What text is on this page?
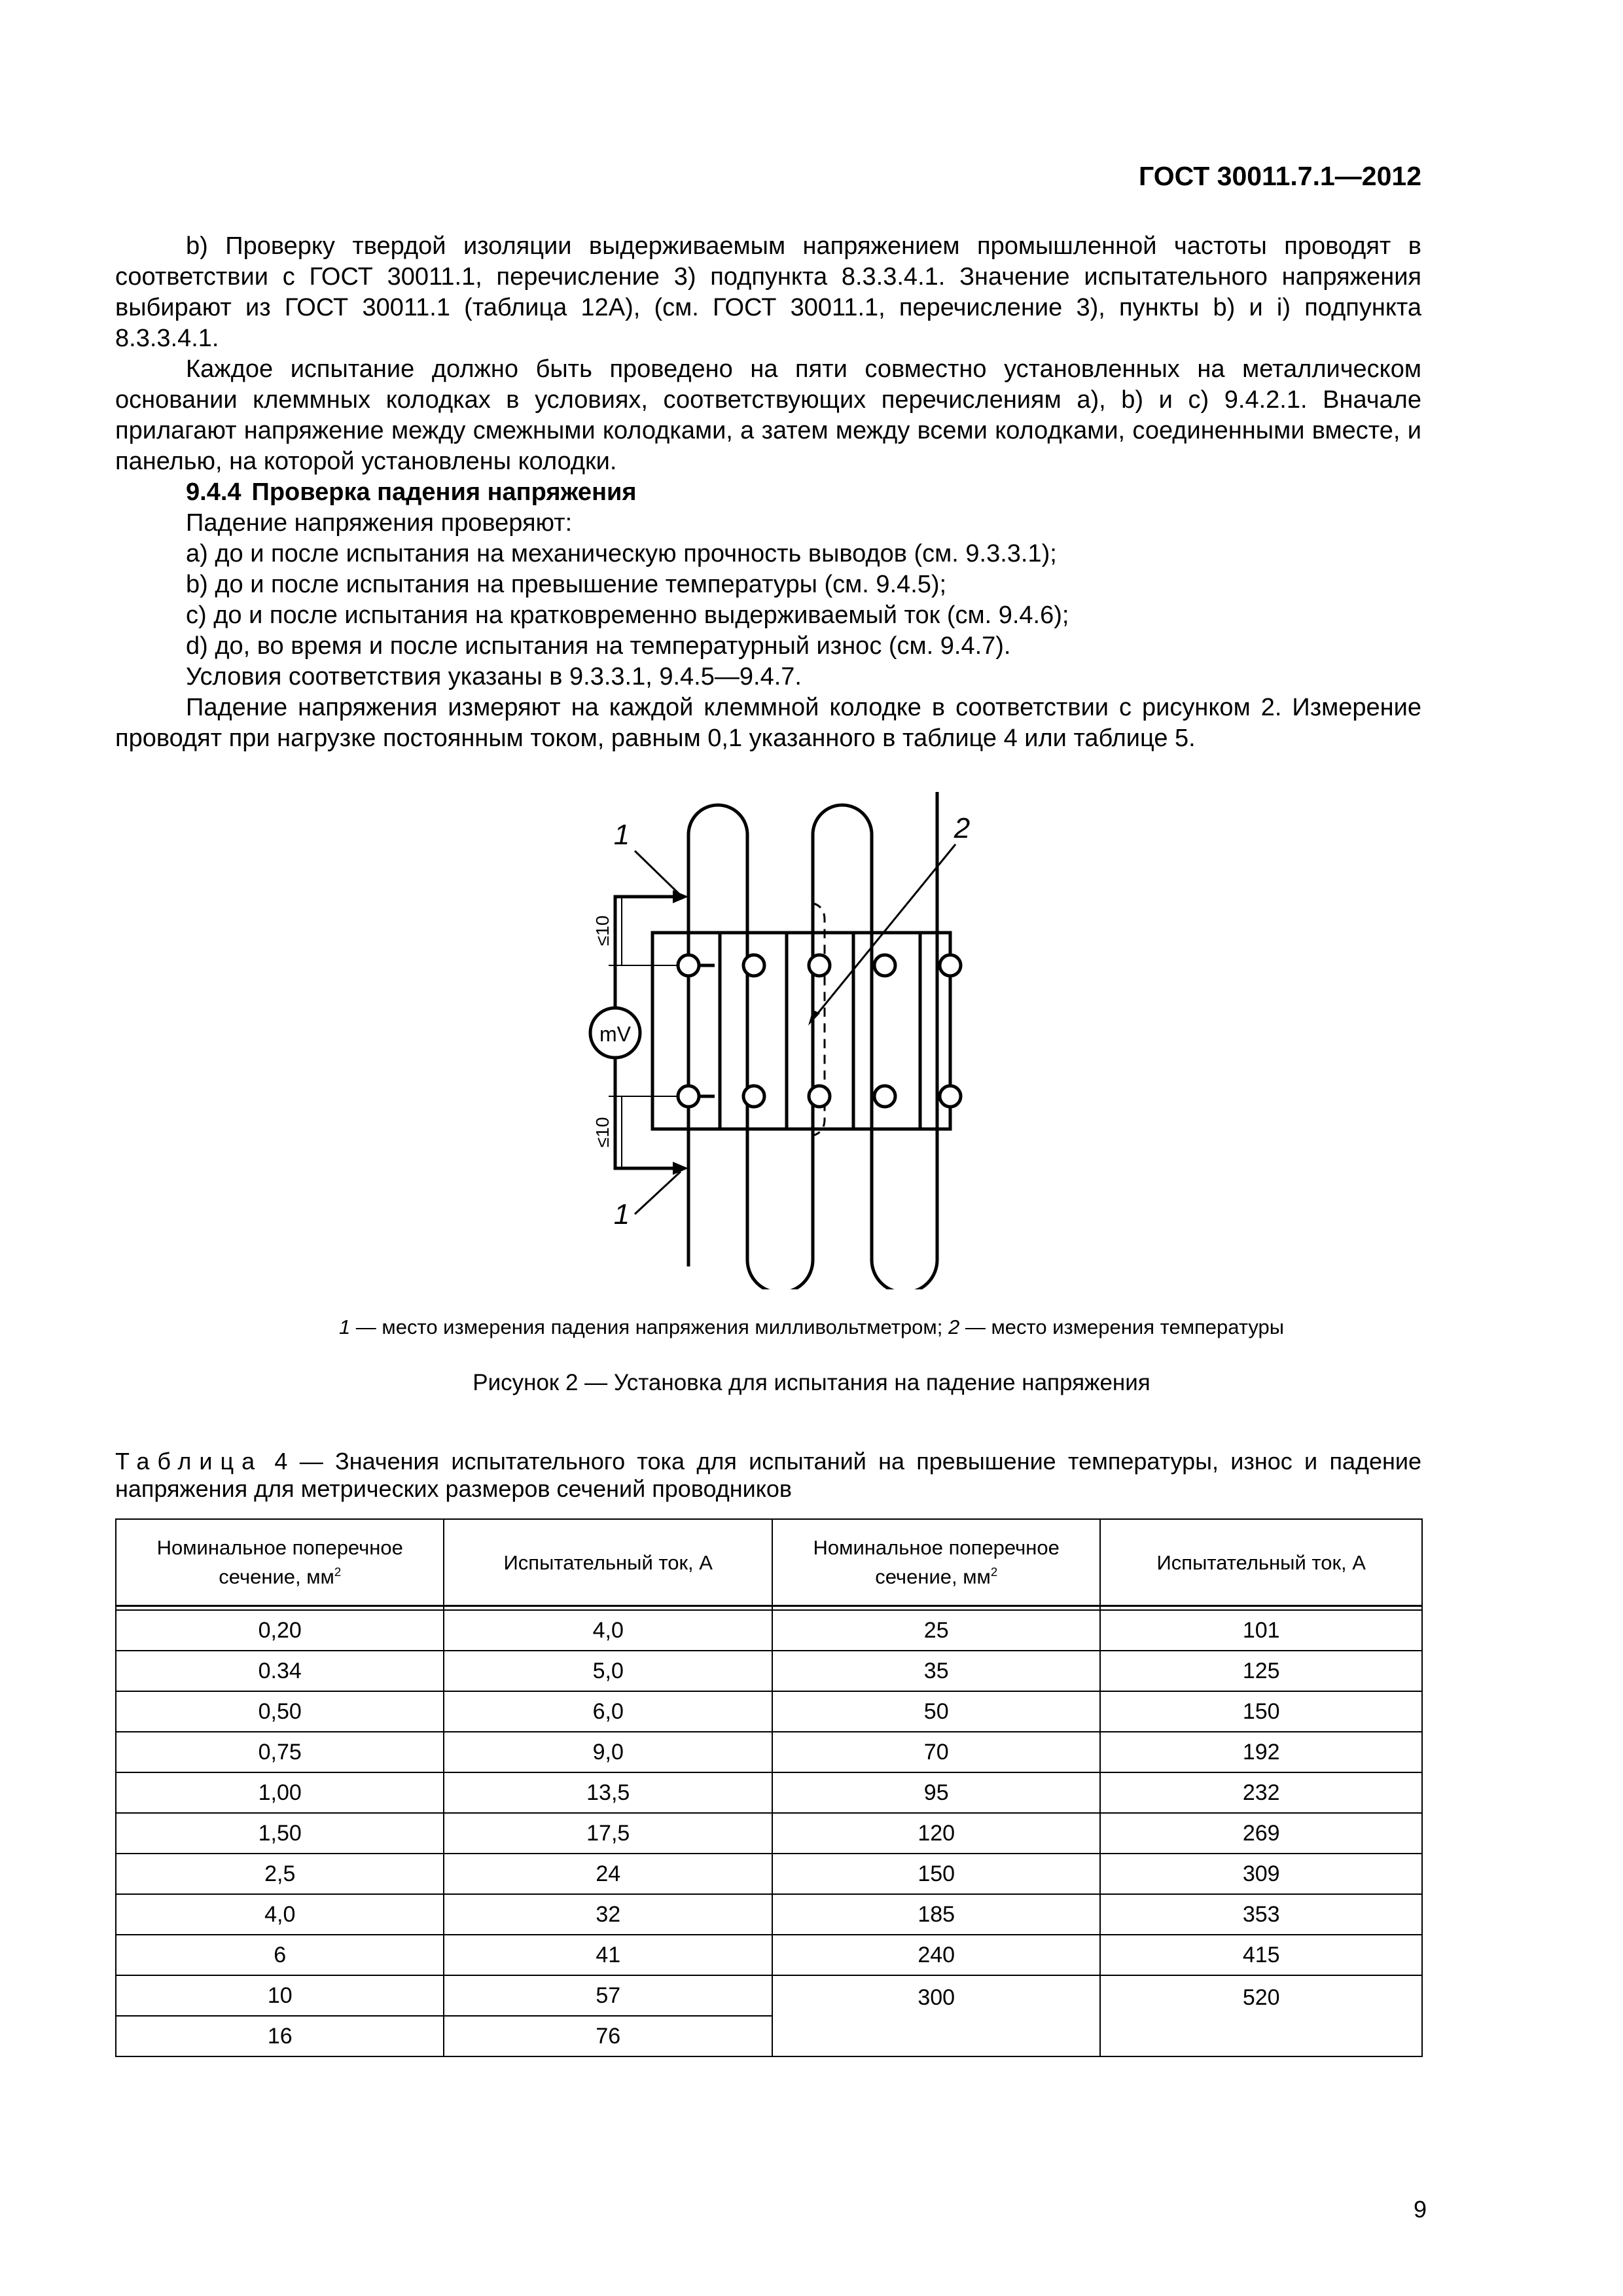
ГОСТ 30011.7.1—2012

b) Проверку твердой изоляции выдерживаемым напряжением промышленной частоты проводят в соответствии с ГОСТ 30011.1, перечисление 3) подпункта 8.3.3.4.1. Значение испытательного напряжения выбирают из ГОСТ 30011.1 (таблица 12А), (см. ГОСТ 30011.1, перечисление 3), пункты b) и i) подпункта 8.3.3.4.1.

Каждое испытание должно быть проведено на пяти совместно установленных на металлическом основании клеммных колодках в условиях, соответствующих перечислениям а), b) и с) 9.4.2.1. Вначале прилагают напряжение между смежными колодками, а затем между всеми колодками, соединенными вместе, и панелью, на которой установлены колодки.

9.4.4 Проверка падения напряжения

Падение напряжения проверяют:

а) до и после испытания на механическую прочность выводов (см. 9.3.3.1);

b) до и после испытания на превышение температуры (см. 9.4.5);

с) до и после испытания на кратковременно выдерживаемый ток (см. 9.4.6);

d) до, во время и после испытания на температурный износ (см. 9.4.7).

Условия соответствия указаны в 9.3.3.1, 9.4.5—9.4.7.

Падение напряжения измеряют на каждой клеммной колодке в соответствии с рисунком 2. Измерение проводят при нагрузке постоянным током, равным 0,1 указанного в таблице 4 или таблице 5.

mV
1
1
2
≤10
≤10
1 — место измерения падения напряжения милливольтметром; 2 — место измерения температуры
Рисунок 2 — Установка для испытания на падение напряжения
Таблица 4 — Значения испытательного тока для испытаний на превышение температуры, износ и падение напряжения для метрических размеров сечений проводников
Номинальное поперечное сечение, $мм^2$	Испытательный ток, А	Номинальное поперечное сечение, $мм^2$	Испытательный ток, А

0,20	4,0	25	101
0.34	5,0	35	125
0,50	6,0	50	150
0,75	9,0	70	192
1,00	13,5	95	232
1,50	17,5	120	269
2,5	24	150	309
4,0	32	185	353
6	41	240	415
10	57	300	520
16	76		
9
